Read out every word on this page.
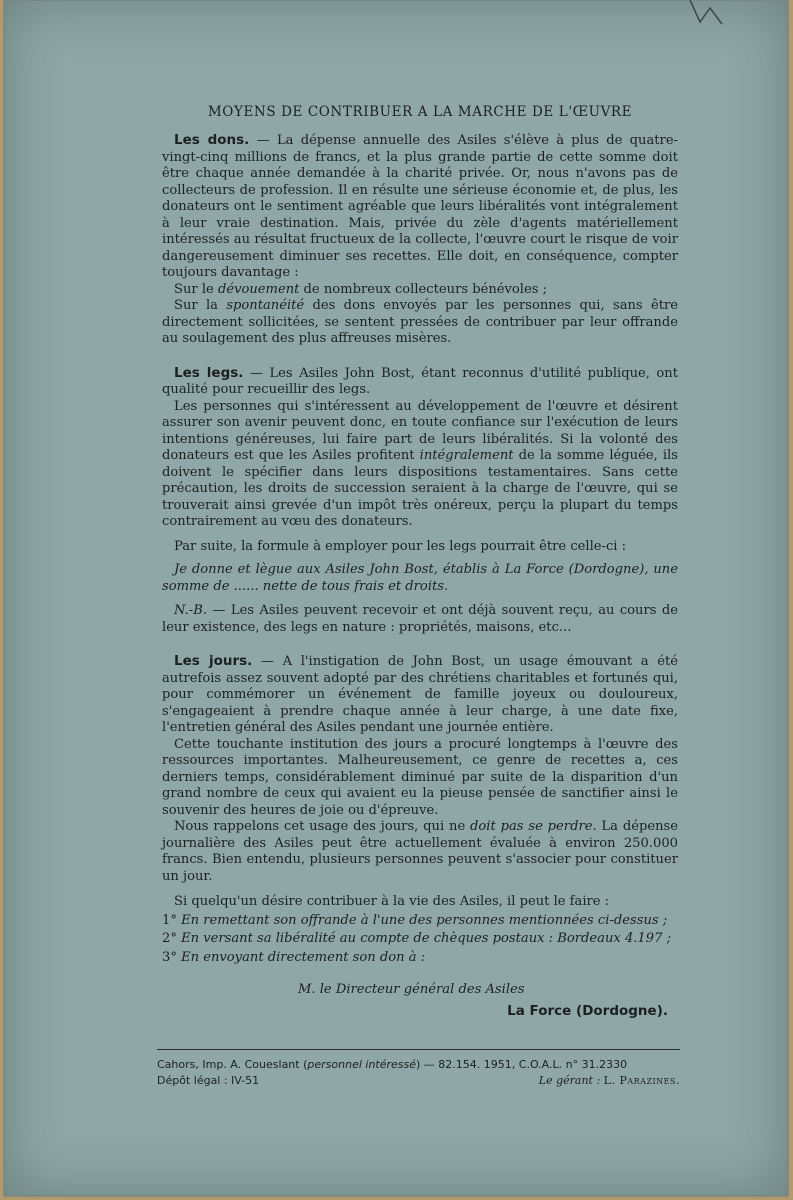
MOYENS DE CONTRIBUER A LA MARCHE DE L'ŒUVRE

Les dons. — La dépense annuelle des Asiles s'élève à plus de quatre-vingt-cinq millions de francs, et la plus grande partie de cette somme doit être chaque année demandée à la charité privée. Or, nous n'avons pas de collecteurs de profession. Il en résulte une sérieuse économie et, de plus, les donateurs ont le sentiment agréable que leurs libéralités vont intégralement à leur vraie destination. Mais, privée du zèle d'agents matériellement intéressés au résultat fructueux de la collecte, l'œuvre court le risque de voir dangereusement diminuer ses recettes. Elle doit, en conséquence, compter toujours davantage :

Sur le dévouement de nombreux collecteurs bénévoles ;

Sur la spontanéité des dons envoyés par les personnes qui, sans être directement sollicitées, se sentent pressées de contribuer par leur offrande au soulagement des plus affreuses misères.

Les legs. — Les Asiles John Bost, étant reconnus d'utilité publique, ont qualité pour recueillir des legs.

Les personnes qui s'intéressent au développement de l'œuvre et désirent assurer son avenir peuvent donc, en toute confiance sur l'exécution de leurs intentions généreuses, lui faire part de leurs libéralités. Si la volonté des donateurs est que les Asiles profitent intégralement de la somme léguée, ils doivent le spécifier dans leurs dispositions testamentaires. Sans cette précaution, les droits de succession seraient à la charge de l'œuvre, qui se trouverait ainsi grevée d'un impôt très onéreux, perçu la plupart du temps contrairement au vœu des donateurs.

Par suite, la formule à employer pour les legs pourrait être celle-ci :

Je donne et lègue aux Asiles John Bost, établis à La Force (Dordogne), une somme de ...... nette de tous frais et droits.

N.-B. — Les Asiles peuvent recevoir et ont déjà souvent reçu, au cours de leur existence, des legs en nature : propriétés, maisons, etc...

Les jours. — A l'instigation de John Bost, un usage émouvant a été autrefois assez souvent adopté par des chrétiens charitables et fortunés qui, pour commémorer un événement de famille joyeux ou douloureux, s'engageaient à prendre chaque année à leur charge, à une date fixe, l'entretien général des Asiles pendant une journée entière.

Cette touchante institution des jours a procuré longtemps à l'œuvre des ressources importantes. Malheureusement, ce genre de recettes a, ces derniers temps, considérablement diminué par suite de la disparition d'un grand nombre de ceux qui avaient eu la pieuse pensée de sanctifier ainsi le souvenir des heures de joie ou d'épreuve.

Nous rappelons cet usage des jours, qui ne doit pas se perdre. La dépense journalière des Asiles peut être actuellement évaluée à environ 250.000 francs. Bien entendu, plusieurs personnes peuvent s'associer pour constituer un jour.

Si quelqu'un désire contribuer à la vie des Asiles, il peut le faire :

1° En remettant son offrande à l'une des personnes mentionnées ci-dessus ;

2° En versant sa libéralité au compte de chèques postaux : Bordeaux 4.197 ;

3° En envoyant directement son don à :

M. le Directeur général des Asiles
La Force (Dordogne).
Cahors, Imp. A. Coueslant (personnel intéressé) — 82.154. 1951, C.O.A.L. n° 31.2330
Dépôt légal : IV-51	Le gérant : L. Parazines.
